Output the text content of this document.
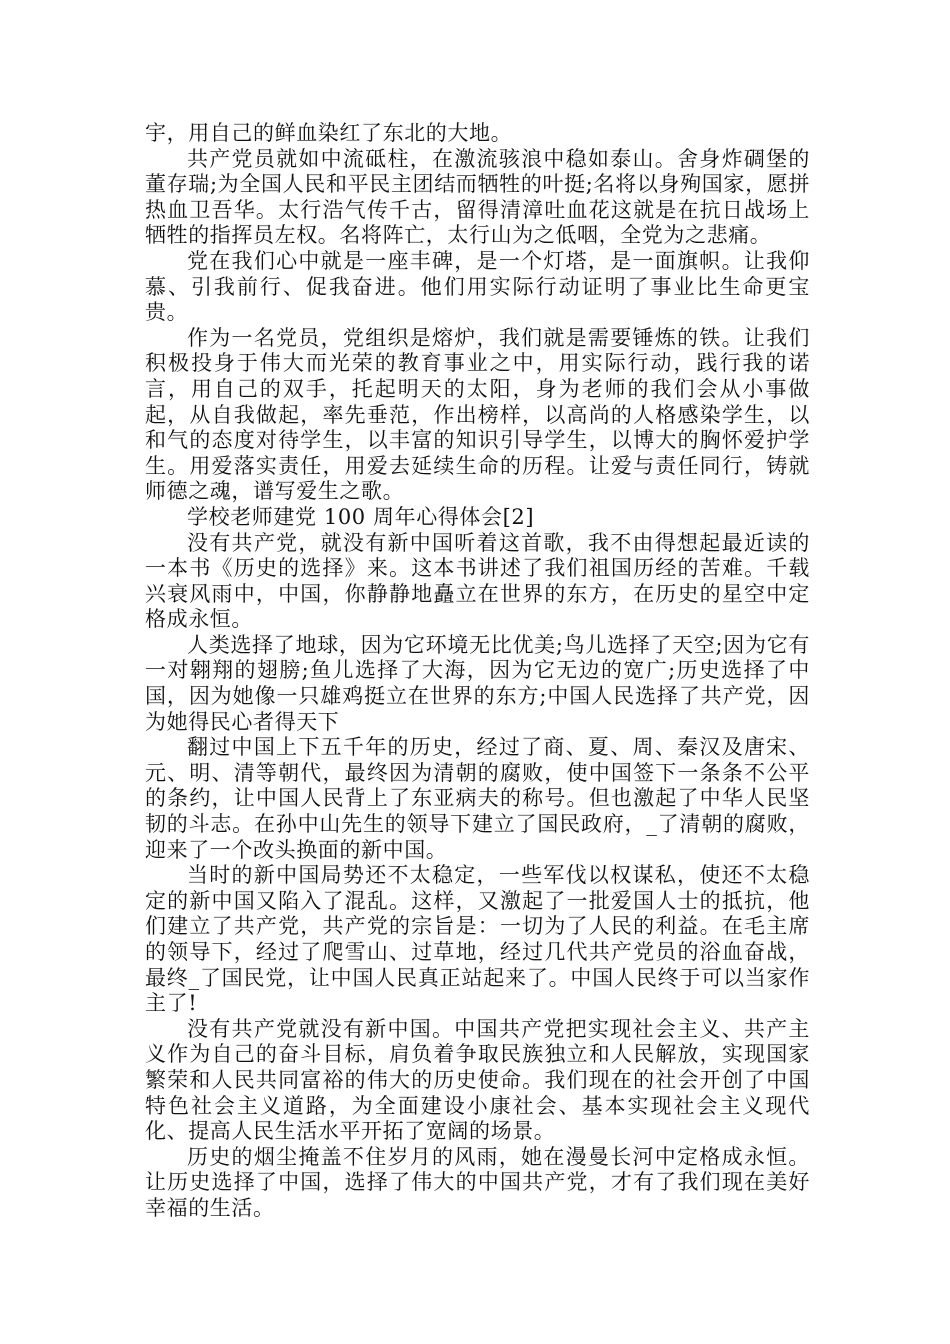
宇，用自己的鲜血染红了东北的大地。

共产党员就如中流砥柱，在激流骇浪中稳如泰山。舍身炸碉堡的董存瑞;为全国人民和平民主团结而牺牲的叶挺;名将以身殉国家，愿拼热血卫吾华。太行浩气传千古，留得清漳吐血花这就是在抗日战场上牺牲的指挥员左权。名将阵亡，太行山为之低咽，全党为之悲痛。

党在我们心中就是一座丰碑，是一个灯塔，是一面旗帜。让我仰慕、引我前行、促我奋进。他们用实际行动证明了事业比生命更宝贵。

作为一名党员，党组织是熔炉，我们就是需要锤炼的铁。让我们积极投身于伟大而光荣的教育事业之中，用实际行动，践行我的诺言，用自己的双手，托起明天的太阳，身为老师的我们会从小事做起，从自我做起，率先垂范，作出榜样，以高尚的人格感染学生，以和气的态度对待学生，以丰富的知识引导学生，以博大的胸怀爱护学生。用爱落实责任，用爱去延续生命的历程。让爱与责任同行，铸就师德之魂，谱写爱生之歌。

学校老师建党 100 周年心得体会[2]

没有共产党，就没有新中国听着这首歌，我不由得想起最近读的一本书《历史的选择》来。这本书讲述了我们祖国历经的苦难。千载兴衰风雨中，中国，你静静地矗立在世界的东方，在历史的星空中定格成永恒。

人类选择了地球，因为它环境无比优美;鸟儿选择了天空;因为它有一对翱翔的翅膀;鱼儿选择了大海，因为它无边的宽广;历史选择了中国，因为她像一只雄鸡挺立在世界的东方;中国人民选择了共产党，因为她得民心者得天下

翻过中国上下五千年的历史，经过了商、夏、周、秦汉及唐宋、元、明、清等朝代，最终因为清朝的腐败，使中国签下一条条不公平的条约，让中国人民背上了东亚病夫的称号。但也激起了中华人民坚韧的斗志。在孙中山先生的领导下建立了国民政府，_了清朝的腐败，迎来了一个改头换面的新中国。

当时的新中国局势还不太稳定，一些军伐以权谋私，使还不太稳定的新中国又陷入了混乱。这样，又激起了一批爱国人士的抵抗，他们建立了共产党，共产党的宗旨是：一切为了人民的利益。在毛主席的领导下，经过了爬雪山、过草地，经过几代共产党员的浴血奋战，最终_了国民党，让中国人民真正站起来了。中国人民终于可以当家作主了!

没有共产党就没有新中国。中国共产党把实现社会主义、共产主义作为自己的奋斗目标，肩负着争取民族独立和人民解放，实现国家繁荣和人民共同富裕的伟大的历史使命。我们现在的社会开创了中国特色社会主义道路，为全面建设小康社会、基本实现社会主义现代化、提高人民生活水平开拓了宽阔的场景。

历史的烟尘掩盖不住岁月的风雨，她在漫曼长河中定格成永恒。让历史选择了中国，选择了伟大的中国共产党，才有了我们现在美好幸福的生活。
